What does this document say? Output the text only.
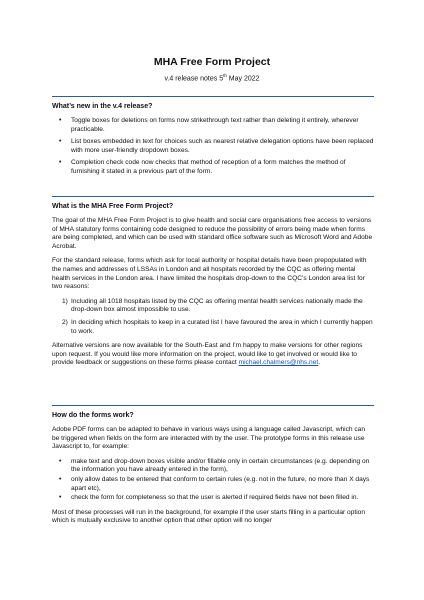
MHA Free Form Project
v.4 release notes 5th May 2022
What’s new in the v.4 release?
• Toggle boxes for deletions on forms now strikethrough text rather than deleting it entirely, wherever practicable.
• List boxes embedded in text for choices such as nearest relative delegation options have been replaced with more user-friendly dropdown boxes.
• Completion check code now checks that method of reception of a form matches the method of furnishing it stated in a previous part of the form.
What is the MHA Free Form Project?

The goal of the MHA Free Form Project is to give health and social care organisations free access to versions of MHA statutory forms containing code designed to reduce the possibility of errors being made when forms are being completed, and which can be used with standard office software such as Microsoft Word and Adobe Acrobat.

For the standard release, forms which ask for local authority or hospital details have been prepopulated with the names and addresses of LSSAs in London and all hospitals recorded by the CQC as offering mental health services in the London area. I have limited the hospitals drop-down to the CQC’s London area list for two reasons:

1) Including all 1018 hospitals listed by the CQC as offering mental health services nationally made the drop-down box almost impossible to use.
2) In deciding which hospitals to keep in a curated list I have favoured the area in which I currently happen to work.

Alternative versions are now available for the South-East and I’m happy to make versions for other regions upon request. If you would like more information on the project, would like to get involved or would like to provide feedback or suggestions on these forms please contact michael.chalmers@nhs.net.

How do the forms work?

Adobe PDF forms can be adapted to behave in various ways using a language called Javascript, which can be triggered when fields on the form are interacted with by the user. The prototype forms in this release use Javascript to, for example:

• make text and drop-down boxes visible and/or fillable only in certain circumstances (e.g. depending on the information you have already entered in the form),
• only allow dates to be entered that conform to certain rules (e.g. not in the future, no more than X days apart etc),
• check the form for completeness so that the user is alerted if required fields have not been filled in.

Most of these processes will run in the background, for example if the user starts filling in a particular option which is mutually exclusive to another option that other option will no longer
